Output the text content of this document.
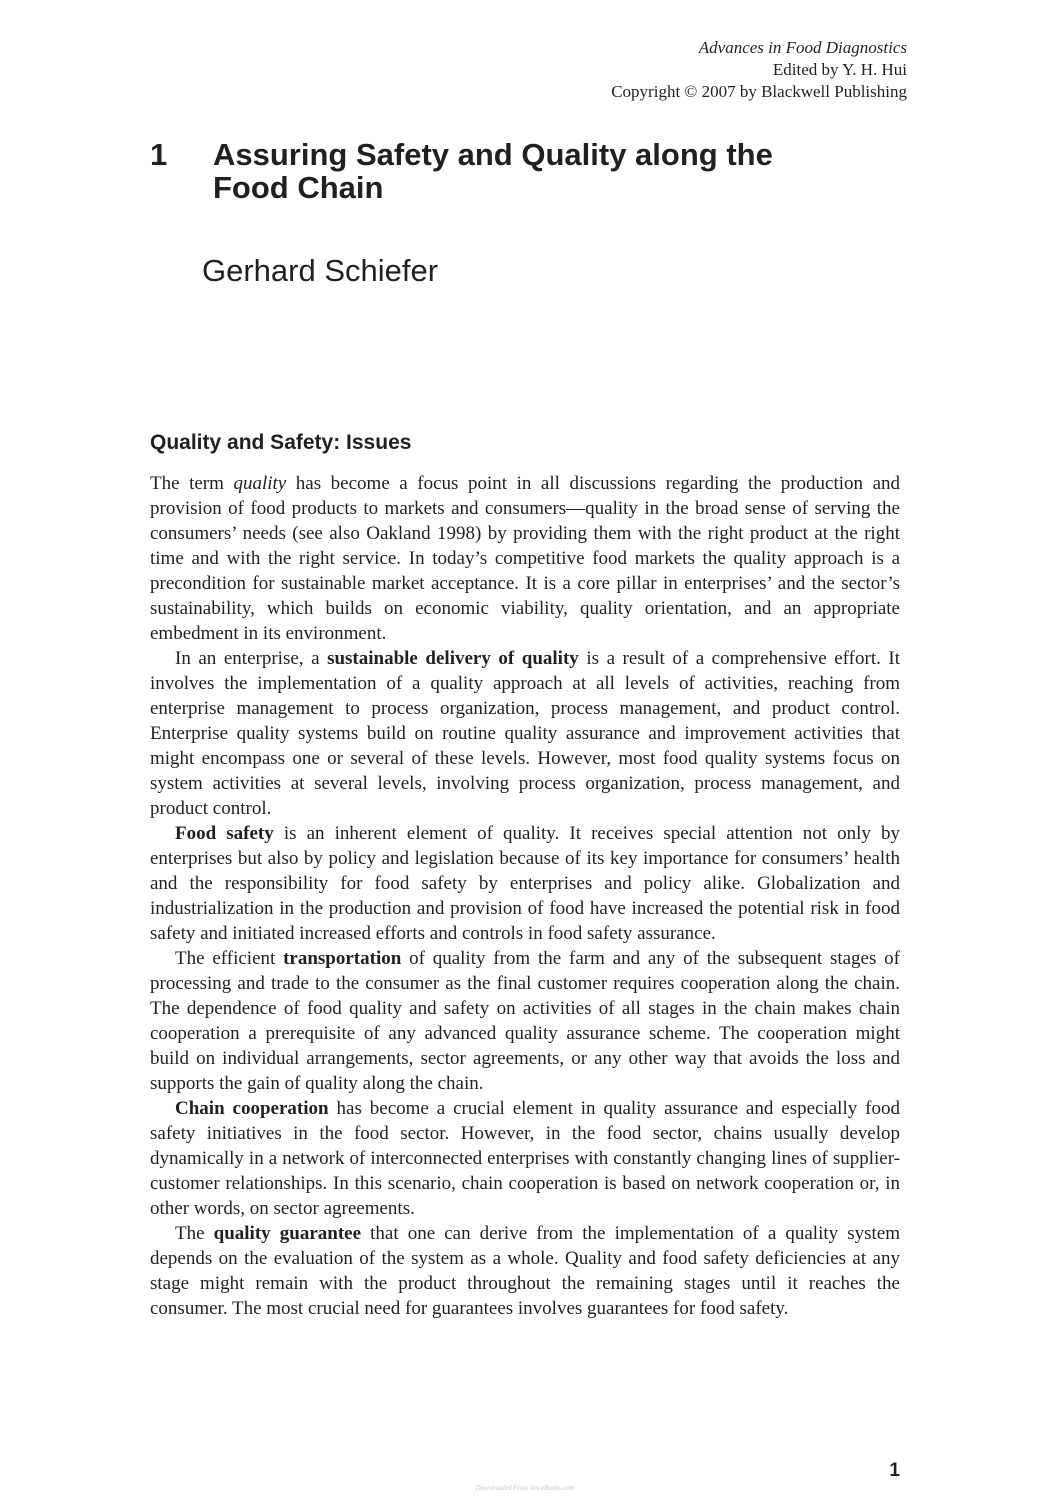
Advances in Food Diagnostics
Edited by Y. H. Hui
Copyright © 2007 by Blackwell Publishing
1	Assuring Safety and Quality along the Food Chain
Gerhard Schiefer
Quality and Safety: Issues

The term quality has become a focus point in all discussions regarding the production and provision of food products to markets and consumers—quality in the broad sense of serving the consumers’ needs (see also Oakland 1998) by providing them with the right product at the right time and with the right service. In today’s competitive food markets the quality approach is a precondition for sustainable market acceptance. It is a core pillar in enterprises’ and the sector’s sustainability, which builds on economic viability, quality orientation, and an appropriate embedment in its environment.

In an enterprise, a sustainable delivery of quality is a result of a comprehensive effort. It involves the implementation of a quality approach at all levels of activities, reaching from enterprise management to process organization, process management, and product control. Enterprise quality systems build on routine quality assurance and improvement activities that might encompass one or several of these levels. However, most food quality systems focus on system activities at several levels, involving process organization, process management, and product control.

Food safety is an inherent element of quality. It receives special attention not only by enterprises but also by policy and legislation because of its key importance for consumers’ health and the responsibility for food safety by enterprises and policy alike. Globalization and industrialization in the production and provision of food have increased the potential risk in food safety and initiated increased efforts and controls in food safety assurance.

The efficient transportation of quality from the farm and any of the subsequent stages of processing and trade to the consumer as the final customer requires cooperation along the chain. The dependence of food quality and safety on activities of all stages in the chain makes chain cooperation a prerequisite of any advanced quality assurance scheme. The cooperation might build on individual arrangements, sector agreements, or any other way that avoids the loss and supports the gain of quality along the chain.

Chain cooperation has become a crucial element in quality assurance and especially food safety initiatives in the food sector. However, in the food sector, chains usually develop dynamically in a network of interconnected enterprises with constantly changing lines of supplier-customer relationships. In this scenario, chain cooperation is based on network cooperation or, in other words, on sector agreements.

The quality guarantee that one can derive from the implementation of a quality system depends on the evaluation of the system as a whole. Quality and food safety deficiencies at any stage might remain with the product throughout the remaining stages until it reaches the consumer. The most crucial need for guarantees involves guarantees for food safety.

1
Downloaded From Vet-eBooks.com
